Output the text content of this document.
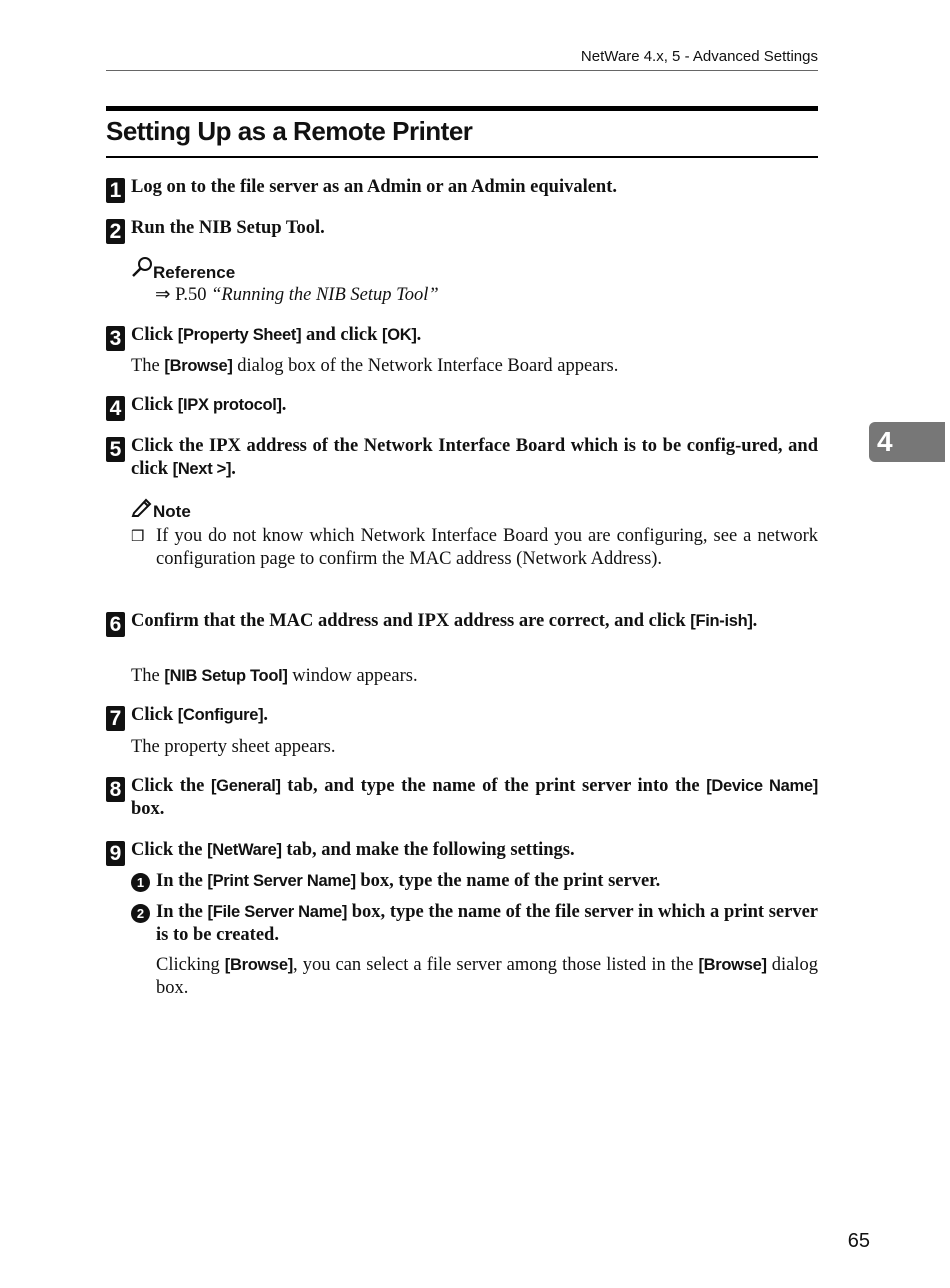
NetWare 4.x, 5 - Advanced Settings
Setting Up as a Remote Printer
1 Log on to the file server as an Admin or an Admin equivalent.
2 Run the NIB Setup Tool.
Reference
⇒ P.50 “Running the NIB Setup Tool”
3 Click [Property Sheet] and click [OK].
The [Browse] dialog box of the Network Interface Board appears.
4 Click [IPX protocol].
5 Click the IPX address of the Network Interface Board which is to be config-ured, and click [Next >].
Note
❒ If you do not know which Network Interface Board you are configuring, see a network configuration page to confirm the MAC address (Network Address).
6 Confirm that the MAC address and IPX address are correct, and click [Fin-ish].
The [NIB Setup Tool] window appears.
7 Click [Configure].
The property sheet appears.
8 Click the [General] tab, and type the name of the print server into the [Device Name] box.
9 Click the [NetWare] tab, and make the following settings.
1 In the [Print Server Name] box, type the name of the print server.
2 In the [File Server Name] box, type the name of the file server in which a print server is to be created.
Clicking [Browse], you can select a file server among those listed in the [Browse] dialog box.
4
65
